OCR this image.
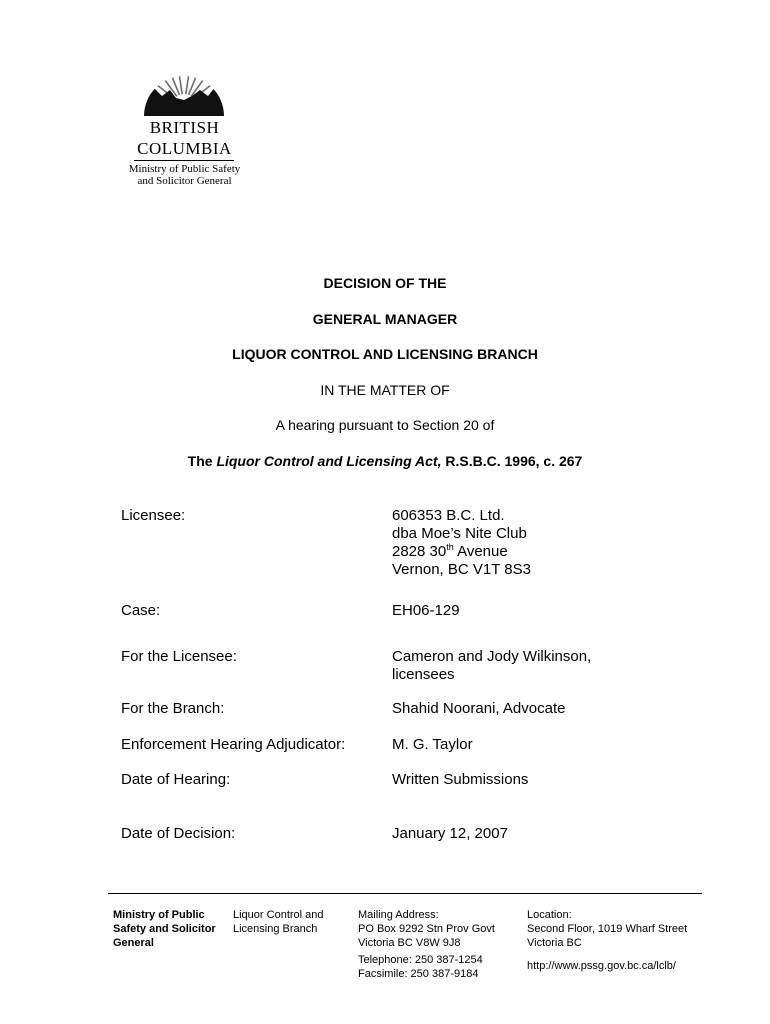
BRITISH
COLUMBIA
Ministry of Public Safety
and Solicitor General
DECISION OF THE
GENERAL MANAGER
LIQUOR CONTROL AND LICENSING BRANCH
IN THE MATTER OF
A hearing pursuant to Section 20 of
The Liquor Control and Licensing Act, R.S.B.C. 1996, c. 267
Licensee:	606353 B.C. Ltd.
dba Moe’s Nite Club
2828 30th Avenue
Vernon, BC V1T 8S3
Case:	EH06-129
For the Licensee:	Cameron and Jody Wilkinson,
licensees
For the Branch:	Shahid Noorani, Advocate
Enforcement Hearing Adjudicator:	M. G. Taylor
Date of Hearing:	Written Submissions
Date of Decision:	January 12, 2007
Ministry of Public
Safety and Solicitor
General
Liquor Control and
Licensing Branch
Mailing Address:
PO Box 9292 Stn Prov Govt
Victoria BC V8W 9J8
Telephone: 250 387-1254
Facsimile: 250 387-9184
Location:
Second Floor, 1019 Wharf Street
Victoria BC
http://www.pssg.gov.bc.ca/lclb/
